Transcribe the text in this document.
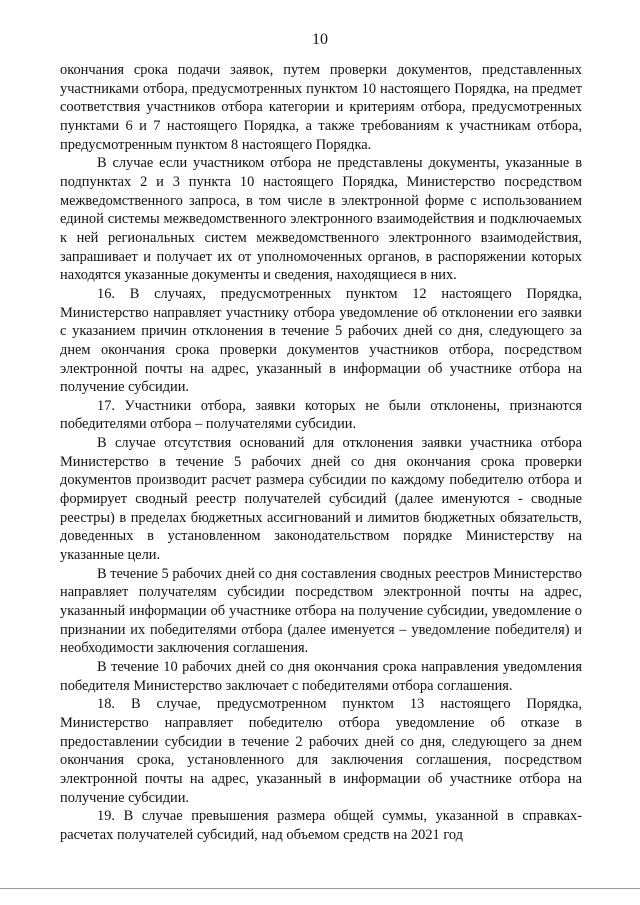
10

окончания срока подачи заявок, путем проверки документов, представленных участниками отбора, предусмотренных пунктом 10 настоящего Порядка, на предмет соответствия участников отбора категории и критериям отбора, предусмотренных пунктами 6 и 7 настоящего Порядка, а также требованиям к участникам отбора, предусмотренным пунктом 8 настоящего Порядка.

В случае если участником отбора не представлены документы, указанные в подпунктах 2 и 3 пункта 10 настоящего Порядка, Министерство посредством межведомственного запроса, в том числе в электронной форме с использованием единой системы межведомственного электронного взаимодействия и подключаемых к ней региональных систем межведомственного электронного взаимодействия, запрашивает и получает их от уполномоченных органов, в распоряжении которых находятся указанные документы и сведения, находящиеся в них.

16. В случаях, предусмотренных пунктом 12 настоящего Порядка, Министерство направляет участнику отбора уведомление об отклонении его заявки с указанием причин отклонения в течение 5 рабочих дней со дня, следующего за днем окончания срока проверки документов участников отбора, посредством электронной почты на адрес, указанный в информации об участнике отбора на получение субсидии.

17. Участники отбора, заявки которых не были отклонены, признаются победителями отбора – получателями субсидии.

В случае отсутствия оснований для отклонения заявки участника отбора Министерство в течение 5 рабочих дней со дня окончания срока проверки документов производит расчет размера субсидии по каждому победителю отбора и формирует сводный реестр получателей субсидий (далее именуются - сводные реестры) в пределах бюджетных ассигнований и лимитов бюджетных обязательств, доведенных в установленном законодательством порядке Министерству на указанные цели.

В течение 5 рабочих дней со дня составления сводных реестров Министерство направляет получателям субсидии посредством электронной почты на адрес, указанный информации об участнике отбора на получение субсидии, уведомление о признании их победителями отбора (далее именуется – уведомление победителя) и необходимости заключения соглашения.

В течение 10 рабочих дней со дня окончания срока направления уведомления победителя Министерство заключает с победителями отбора соглашения.

18. В случае, предусмотренном пунктом 13 настоящего Порядка, Министерство направляет победителю отбора уведомление об отказе в предоставлении субсидии в течение 2 рабочих дней со дня, следующего за днем окончания срока, установленного для заключения соглашения, посредством электронной почты на адрес, указанный в информации об участнике отбора на получение субсидии.

19. В случае превышения размера общей суммы, указанной в справках-расчетах получателей субсидий, над объемом средств на 2021 год
